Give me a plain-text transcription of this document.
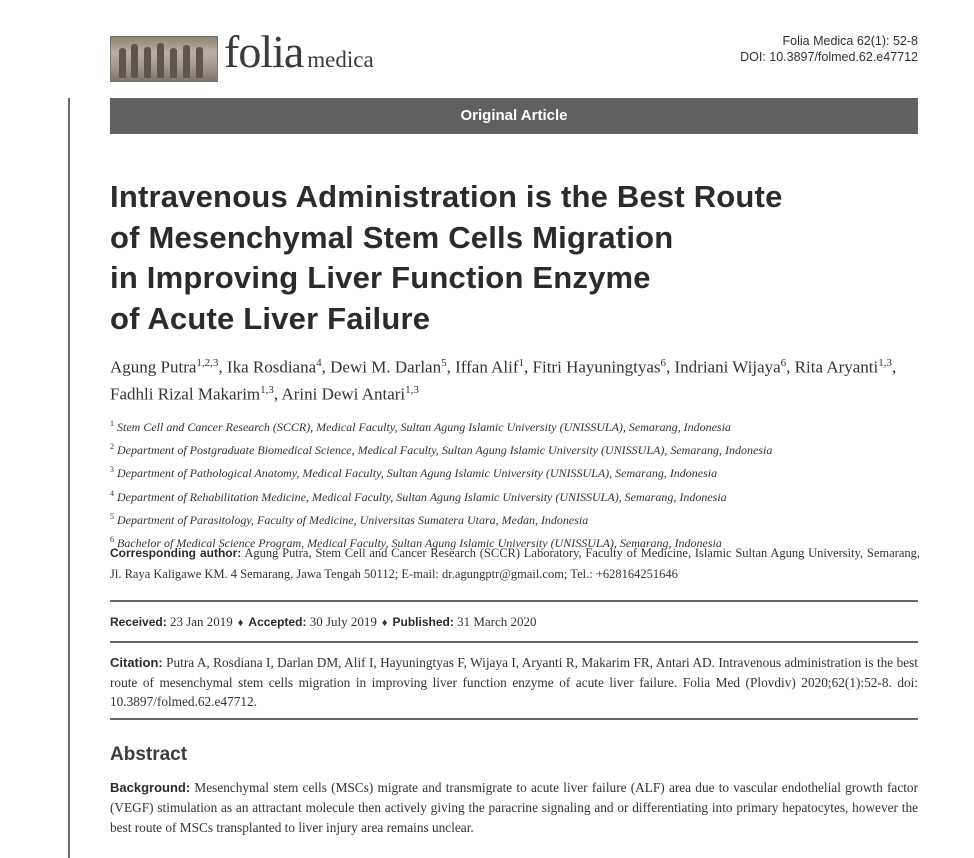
folia medica
Folia Medica 62(1): 52-8
DOI: 10.3897/folmed.62.e47712
Original Article
Intravenous Administration is the Best Route
of Mesenchymal Stem Cells Migration
in Improving Liver Function Enzyme
of Acute Liver Failure
Agung Putra$^{1,2,3}$, Ika Rosdiana$^4$, Dewi M. Darlan$^5$, Iffan Alif$^1$, Fitri Hayuningtyas$^6$, Indriani Wijaya$^6$, Rita Aryanti$^{1,3}$, Fadhli Rizal Makarim$^{1,3}$, Arini Dewi Antari$^{1,3}$
$^1$ Stem Cell and Cancer Research (SCCR), Medical Faculty, Sultan Agung Islamic University (UNISSULA), Semarang, Indonesia
$^2$ Department of Postgraduate Biomedical Science, Medical Faculty, Sultan Agung Islamic University (UNISSULA), Semarang, Indonesia
$^3$ Department of Pathological Anatomy, Medical Faculty, Sultan Agung Islamic University (UNISSULA), Semarang, Indonesia
$^4$ Department of Rehabilitation Medicine, Medical Faculty, Sultan Agung Islamic University (UNISSULA), Semarang, Indonesia
$^5$ Department of Parasitology, Faculty of Medicine, Universitas Sumatera Utara, Medan, Indonesia
$^6$ Bachelor of Medical Science Program, Medical Faculty, Sultan Agung Islamic University (UNISSULA), Semarang, Indonesia
Corresponding author: Agung Putra, Stem Cell and Cancer Research (SCCR) Laboratory, Faculty of Medicine, Islamic Sultan Agung University, Semarang, Jl. Raya Kaligawe KM. 4 Semarang, Jawa Tengah 50112; E-mail: dr.agungptr@gmail.com; Tel.: +628164251646
Received: 23 Jan 2019 ♦ Accepted: 30 July 2019 ♦ Published: 31 March 2020
Citation: Putra A, Rosdiana I, Darlan DM, Alif I, Hayuningtyas F, Wijaya I, Aryanti R, Makarim FR, Antari AD. Intravenous administration is the best route of mesenchymal stem cells migration in improving liver function enzyme of acute liver failure. Folia Med (Plovdiv) 2020;62(1):52-8. doi: 10.3897/folmed.62.e47712.
Abstract
Background: Mesenchymal stem cells (MSCs) migrate and transmigrate to acute liver failure (ALF) area due to vascular endothelial growth factor (VEGF) stimulation as an attractant molecule then actively giving the paracrine signaling and or differentiating into primary hepatocytes, however the best route of MSCs transplanted to liver injury area remains unclear.
